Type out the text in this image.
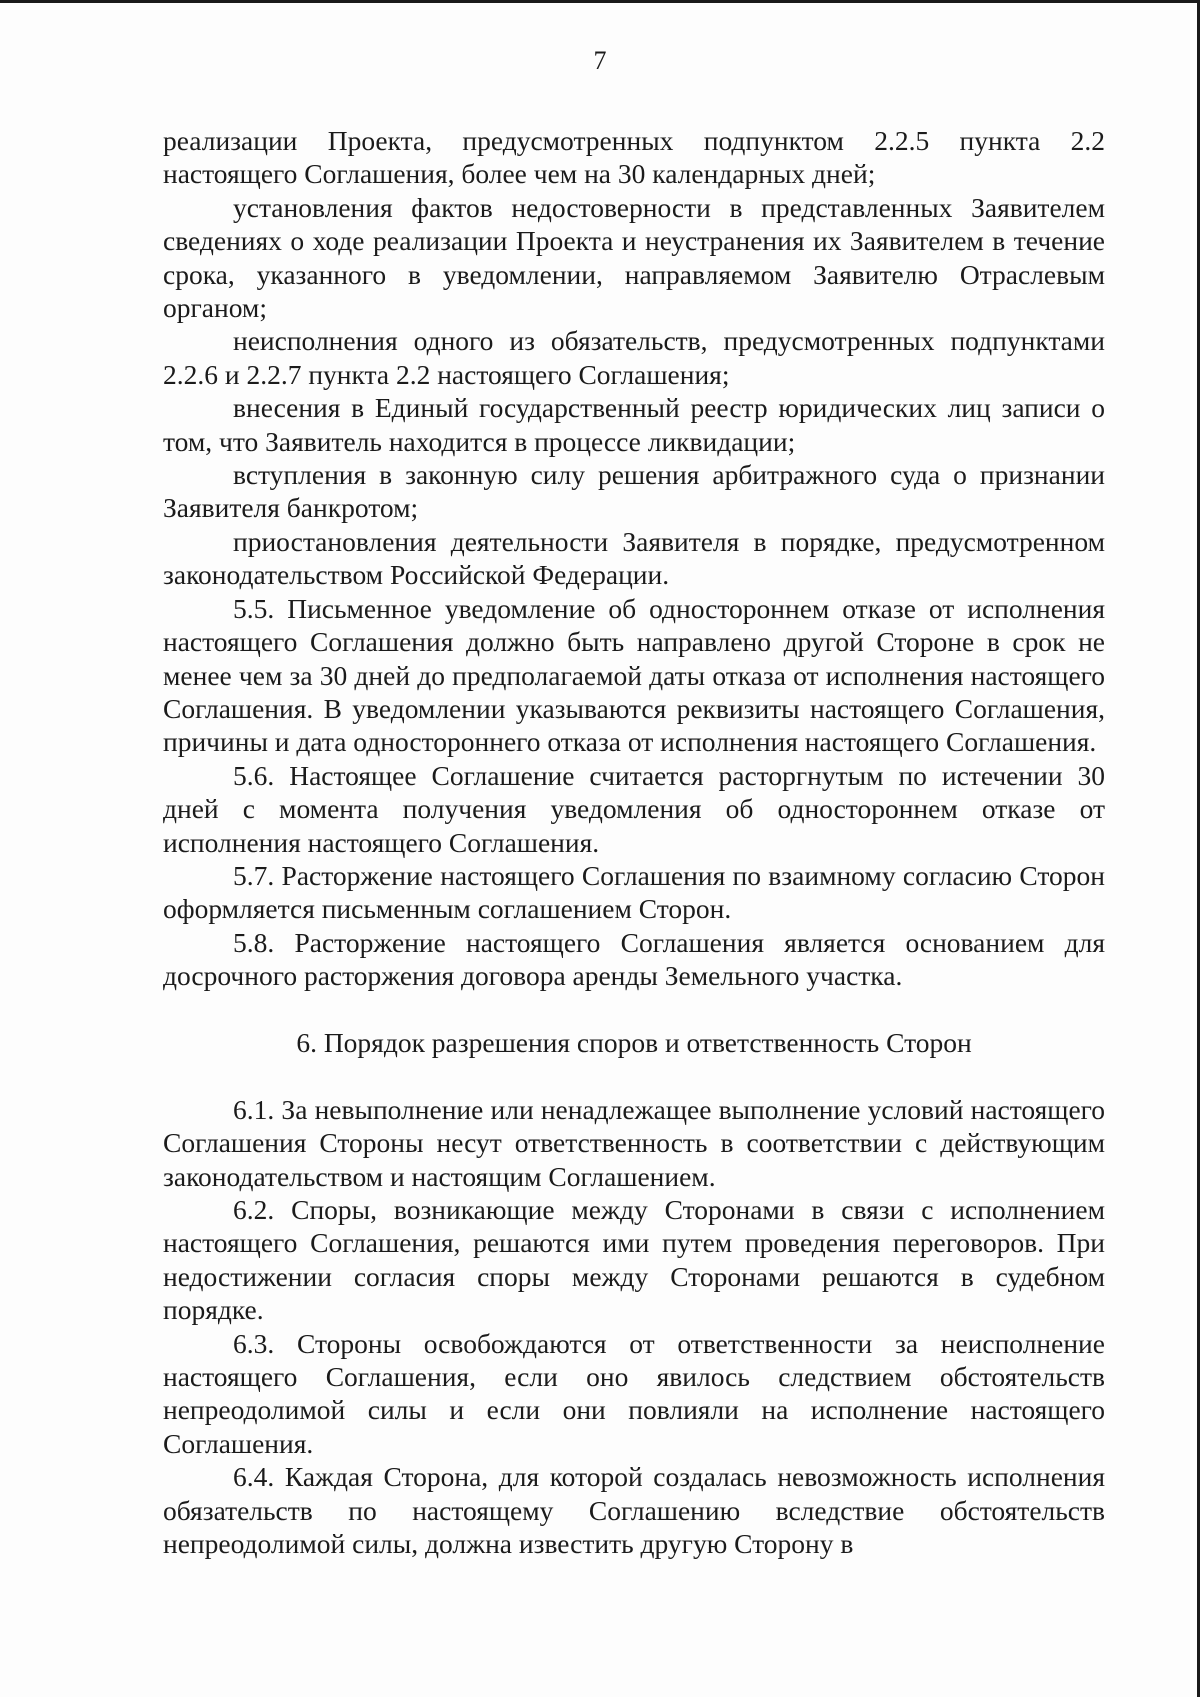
7

реализации Проекта, предусмотренных подпунктом 2.2.5 пункта 2.2 настоящего Соглашения, более чем на 30 календарных дней;

установления фактов недостоверности в представленных Заявителем сведениях о ходе реализации Проекта и неустранения их Заявителем в течение срока, указанного в уведомлении, направляемом Заявителю Отраслевым органом;

неисполнения одного из обязательств, предусмотренных подпунктами 2.2.6 и 2.2.7 пункта 2.2 настоящего Соглашения;

внесения в Единый государственный реестр юридических лиц записи о том, что Заявитель находится в процессе ликвидации;

вступления в законную силу решения арбитражного суда о признании Заявителя банкротом;

приостановления деятельности Заявителя в порядке, предусмотренном законодательством Российской Федерации.

5.5. Письменное уведомление об одностороннем отказе от исполнения настоящего Соглашения должно быть направлено другой Стороне в срок не менее чем за 30 дней до предполагаемой даты отказа от исполнения настоящего Соглашения. В уведомлении указываются реквизиты настоящего Соглашения, причины и дата одностороннего отказа от исполнения настоящего Соглашения.

5.6. Настоящее Соглашение считается расторгнутым по истечении 30 дней с момента получения уведомления об одностороннем отказе от исполнения настоящего Соглашения.

5.7. Расторжение настоящего Соглашения по взаимному согласию Сторон оформляется письменным соглашением Сторон.

5.8. Расторжение настоящего Соглашения является основанием для досрочного расторжения договора аренды Земельного участка.

6. Порядок разрешения споров и ответственность Сторон

6.1. За невыполнение или ненадлежащее выполнение условий настоящего Соглашения Стороны несут ответственность в соответствии с действующим законодательством и настоящим Соглашением.

6.2. Споры, возникающие между Сторонами в связи с исполнением настоящего Соглашения, решаются ими путем проведения переговоров. При недостижении согласия споры между Сторонами решаются в судебном порядке.

6.3. Стороны освобождаются от ответственности за неисполнение настоящего Соглашения, если оно явилось следствием обстоятельств непреодолимой силы и если они повлияли на исполнение настоящего Соглашения.

6.4. Каждая Сторона, для которой создалась невозможность исполнения обязательств по настоящему Соглашению вследствие обстоятельств непреодолимой силы, должна известить другую Сторону в
